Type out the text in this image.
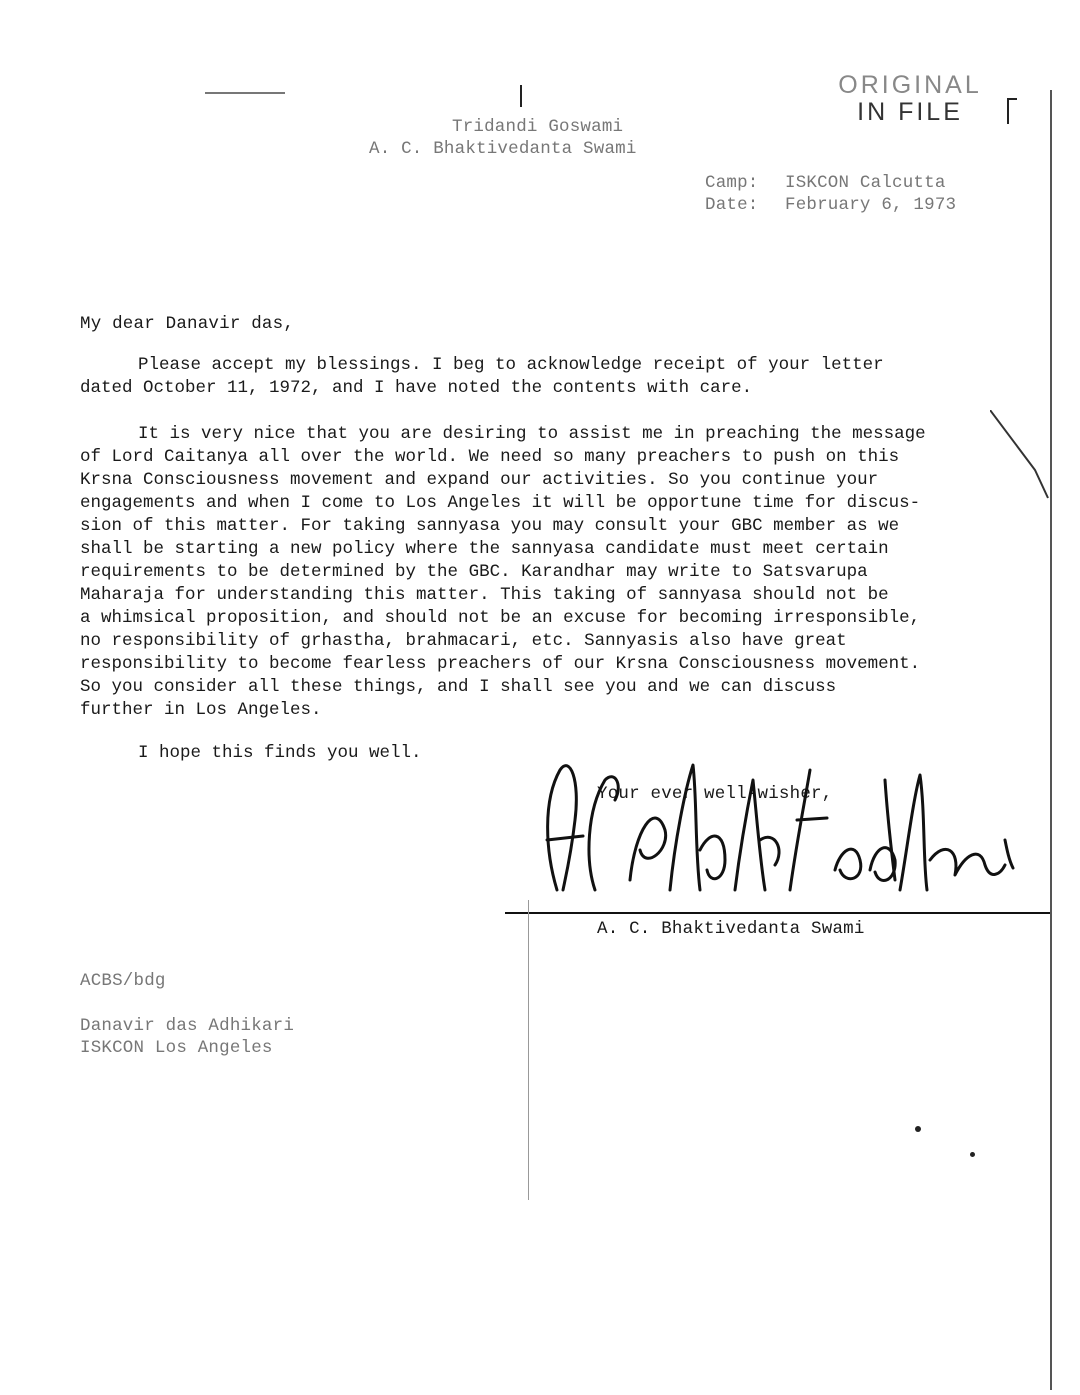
ORIGINAL
IN FILE
Tridandi Goswami
A. C. Bhaktivedanta Swami
Camp: ISKCON Calcutta
Date: February 6, 1973
My dear Danavir das,

Please accept my blessings. I beg to acknowledge receipt of your letter

dated October 11, 1972, and I have noted the contents with care.

It is very nice that you are desiring to assist me in preaching the message

of Lord Caitanya all over the world. We need so many preachers to push on this

Krsna Consciousness movement and expand our activities. So you continue your

engagements and when I come to Los Angeles it will be opportune time for discus-

sion of this matter. For taking sannyasa you may consult your GBC member as we

shall be starting a new policy where the sannyasa candidate must meet certain

requirements to be determined by the GBC. Karandhar may write to Satsvarupa

Maharaja for understanding this matter. This taking of sannyasa should not be

a whimsical proposition, and should not be an excuse for becoming irresponsible,

no responsibility of grhastha, brahmacari, etc. Sannyasis also have great

responsibility to become fearless preachers of our Krsna Consciousness movement.

So you consider all these things, and I shall see you and we can discuss

further in Los Angeles.

I hope this finds you well.

Your ever well-wisher,
A. C. Bhaktivedanta Swami
ACBS/bdg
Danavir das Adhikari
ISKCON Los Angeles
